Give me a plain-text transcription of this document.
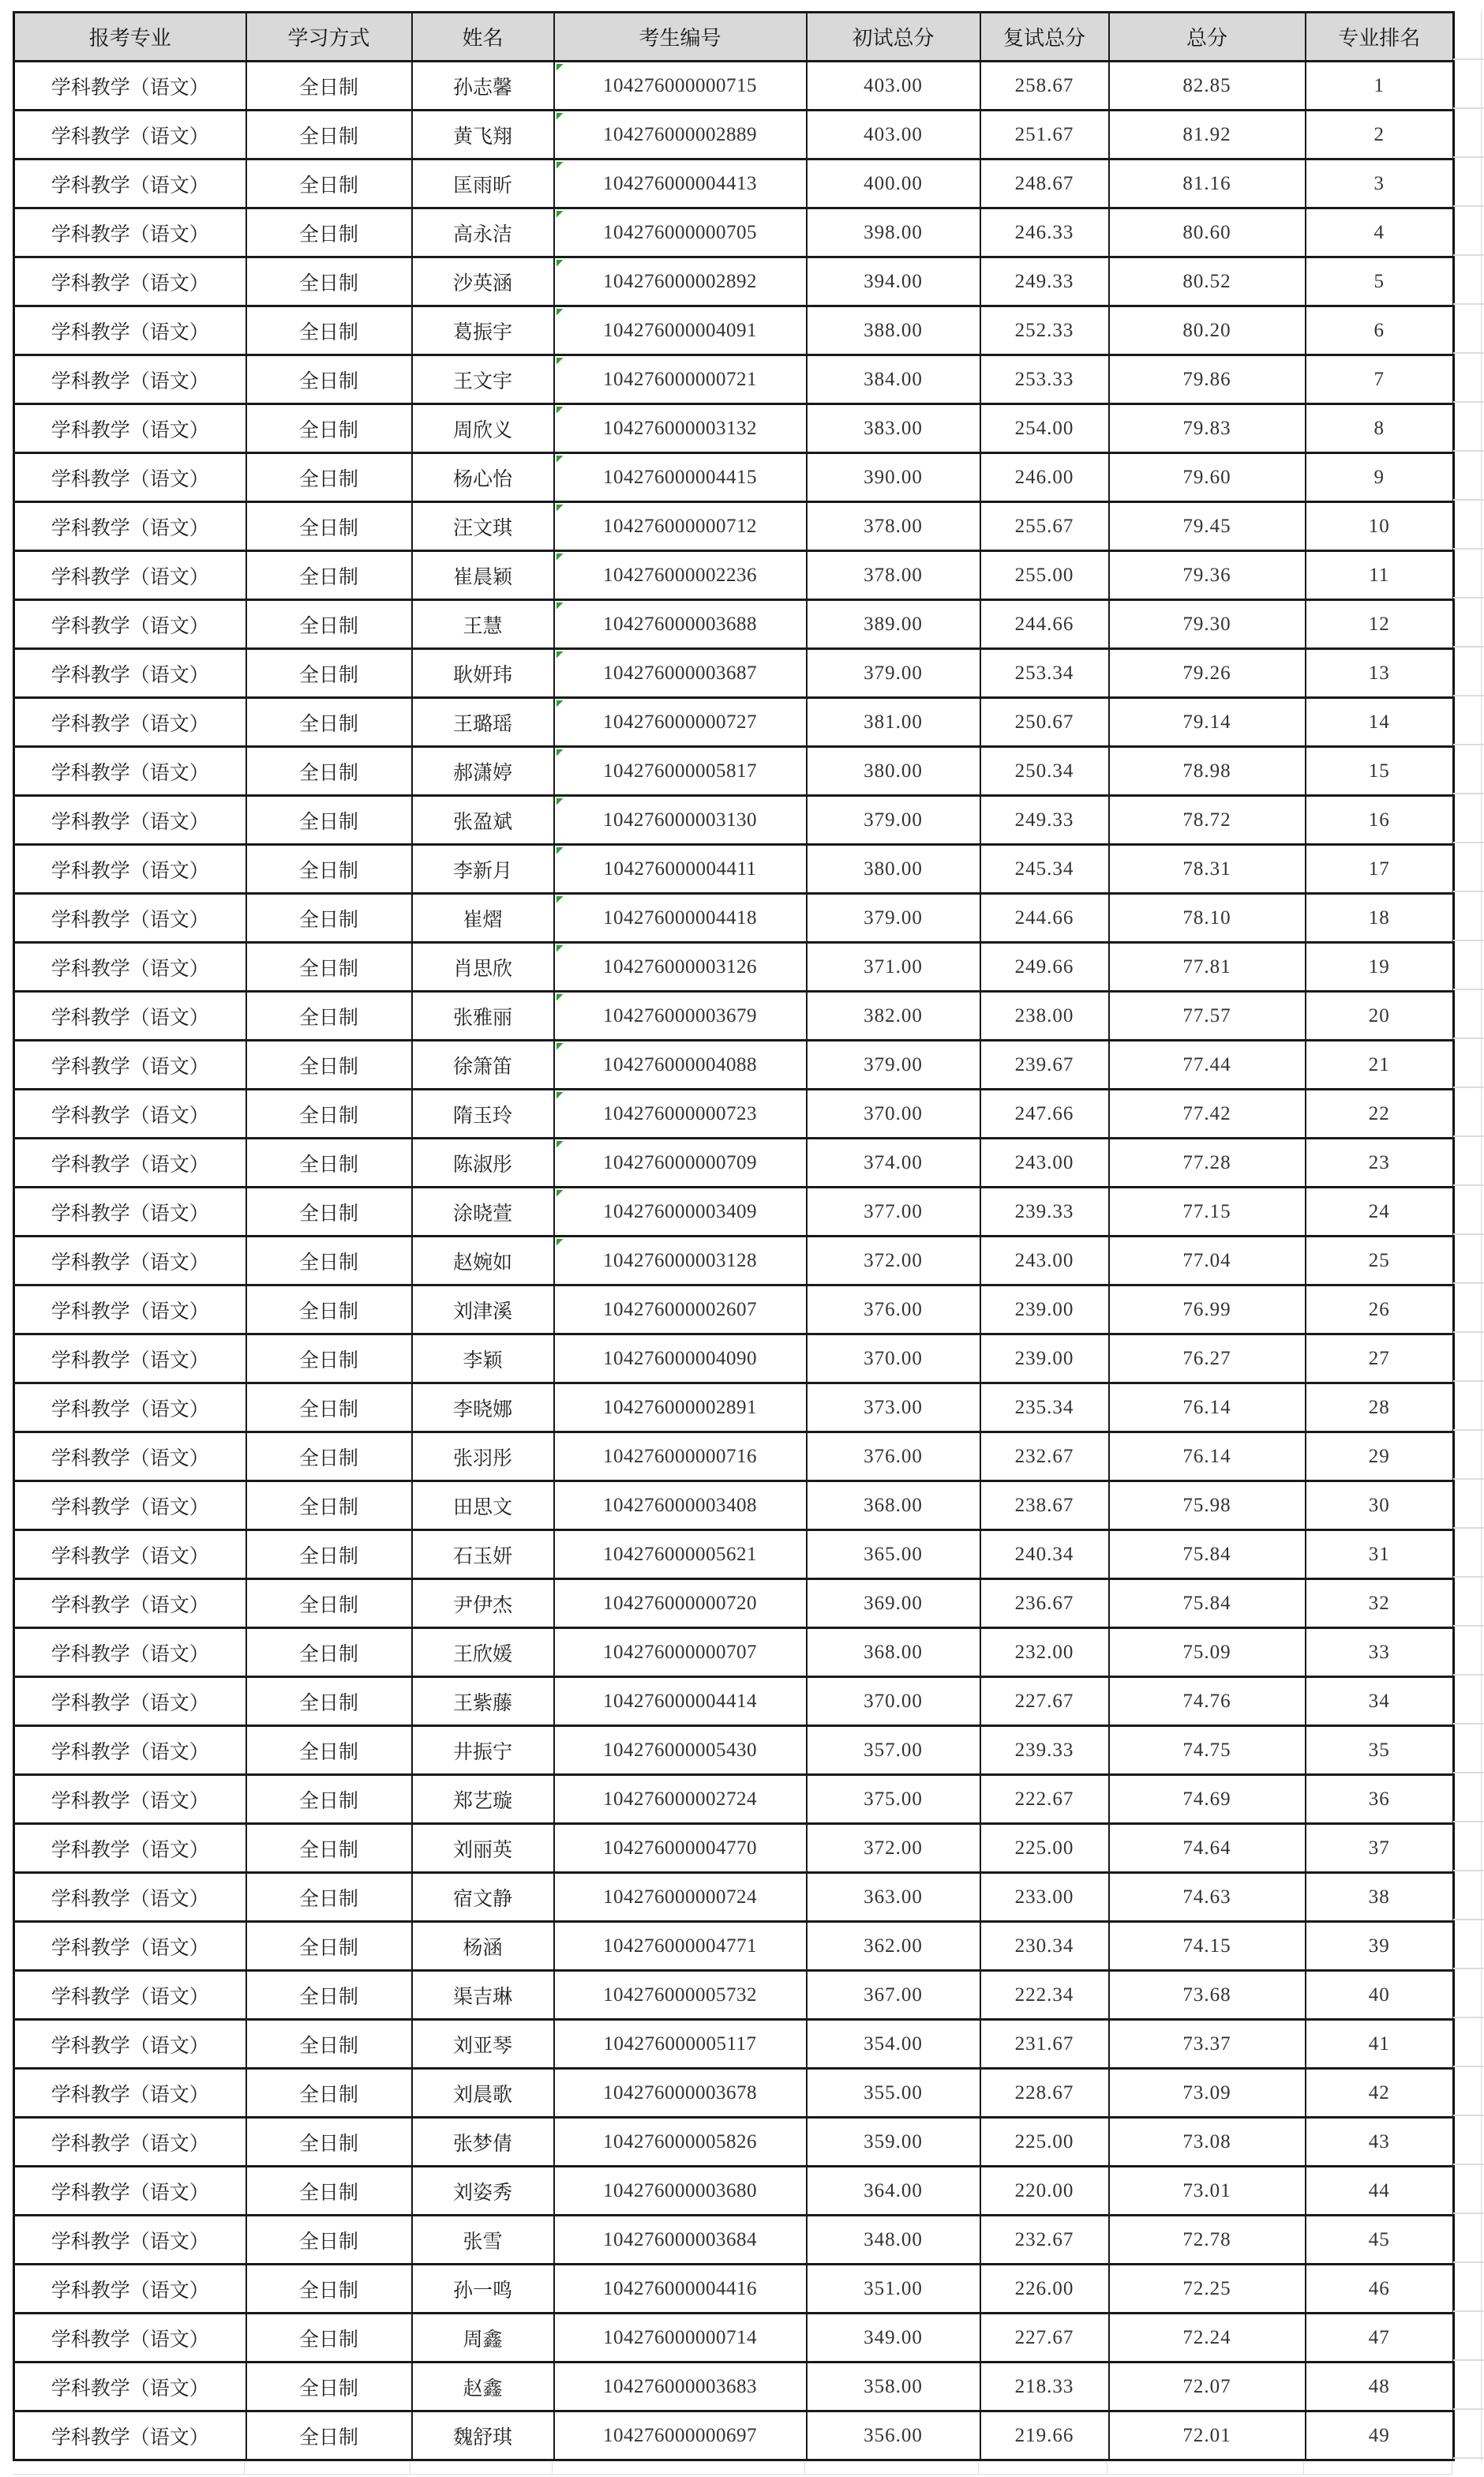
报考专业	学习方式	姓名	考生编号	初试总分	复试总分	总分	专业排名
学科教学（语文）	全日制	孙志馨	104276000000715	403.00	258.67	82.85	1
学科教学（语文）	全日制	黄飞翔	104276000002889	403.00	251.67	81.92	2
学科教学（语文）	全日制	匡雨昕	104276000004413	400.00	248.67	81.16	3
学科教学（语文）	全日制	高永洁	104276000000705	398.00	246.33	80.60	4
学科教学（语文）	全日制	沙英涵	104276000002892	394.00	249.33	80.52	5
学科教学（语文）	全日制	葛振宇	104276000004091	388.00	252.33	80.20	6
学科教学（语文）	全日制	王文宇	104276000000721	384.00	253.33	79.86	7
学科教学（语文）	全日制	周欣义	104276000003132	383.00	254.00	79.83	8
学科教学（语文）	全日制	杨心怡	104276000004415	390.00	246.00	79.60	9
学科教学（语文）	全日制	汪文琪	104276000000712	378.00	255.67	79.45	10
学科教学（语文）	全日制	崔晨颖	104276000002236	378.00	255.00	79.36	11
学科教学（语文）	全日制	王慧	104276000003688	389.00	244.66	79.30	12
学科教学（语文）	全日制	耿妍玮	104276000003687	379.00	253.34	79.26	13
学科教学（语文）	全日制	王璐瑶	104276000000727	381.00	250.67	79.14	14
学科教学（语文）	全日制	郝潇婷	104276000005817	380.00	250.34	78.98	15
学科教学（语文）	全日制	张盈斌	104276000003130	379.00	249.33	78.72	16
学科教学（语文）	全日制	李新月	104276000004411	380.00	245.34	78.31	17
学科教学（语文）	全日制	崔熠	104276000004418	379.00	244.66	78.10	18
学科教学（语文）	全日制	肖思欣	104276000003126	371.00	249.66	77.81	19
学科教学（语文）	全日制	张雅丽	104276000003679	382.00	238.00	77.57	20
学科教学（语文）	全日制	徐箫笛	104276000004088	379.00	239.67	77.44	21
学科教学（语文）	全日制	隋玉玲	104276000000723	370.00	247.66	77.42	22
学科教学（语文）	全日制	陈淑彤	104276000000709	374.00	243.00	77.28	23
学科教学（语文）	全日制	涂晓萱	104276000003409	377.00	239.33	77.15	24
学科教学（语文）	全日制	赵婉如	104276000003128	372.00	243.00	77.04	25
学科教学（语文）	全日制	刘津溪	104276000002607	376.00	239.00	76.99	26
学科教学（语文）	全日制	李颖	104276000004090	370.00	239.00	76.27	27
学科教学（语文）	全日制	李晓娜	104276000002891	373.00	235.34	76.14	28
学科教学（语文）	全日制	张羽彤	104276000000716	376.00	232.67	76.14	29
学科教学（语文）	全日制	田思文	104276000003408	368.00	238.67	75.98	30
学科教学（语文）	全日制	石玉妍	104276000005621	365.00	240.34	75.84	31
学科教学（语文）	全日制	尹伊杰	104276000000720	369.00	236.67	75.84	32
学科教学（语文）	全日制	王欣媛	104276000000707	368.00	232.00	75.09	33
学科教学（语文）	全日制	王紫藤	104276000004414	370.00	227.67	74.76	34
学科教学（语文）	全日制	井振宁	104276000005430	357.00	239.33	74.75	35
学科教学（语文）	全日制	郑艺璇	104276000002724	375.00	222.67	74.69	36
学科教学（语文）	全日制	刘丽英	104276000004770	372.00	225.00	74.64	37
学科教学（语文）	全日制	宿文静	104276000000724	363.00	233.00	74.63	38
学科教学（语文）	全日制	杨涵	104276000004771	362.00	230.34	74.15	39
学科教学（语文）	全日制	渠吉琳	104276000005732	367.00	222.34	73.68	40
学科教学（语文）	全日制	刘亚琴	104276000005117	354.00	231.67	73.37	41
学科教学（语文）	全日制	刘晨歌	104276000003678	355.00	228.67	73.09	42
学科教学（语文）	全日制	张梦倩	104276000005826	359.00	225.00	73.08	43
学科教学（语文）	全日制	刘姿秀	104276000003680	364.00	220.00	73.01	44
学科教学（语文）	全日制	张雪	104276000003684	348.00	232.67	72.78	45
学科教学（语文）	全日制	孙一鸣	104276000004416	351.00	226.00	72.25	46
学科教学（语文）	全日制	周鑫	104276000000714	349.00	227.67	72.24	47
学科教学（语文）	全日制	赵鑫	104276000003683	358.00	218.33	72.07	48
学科教学（语文）	全日制	魏舒琪	104276000000697	356.00	219.66	72.01	49
